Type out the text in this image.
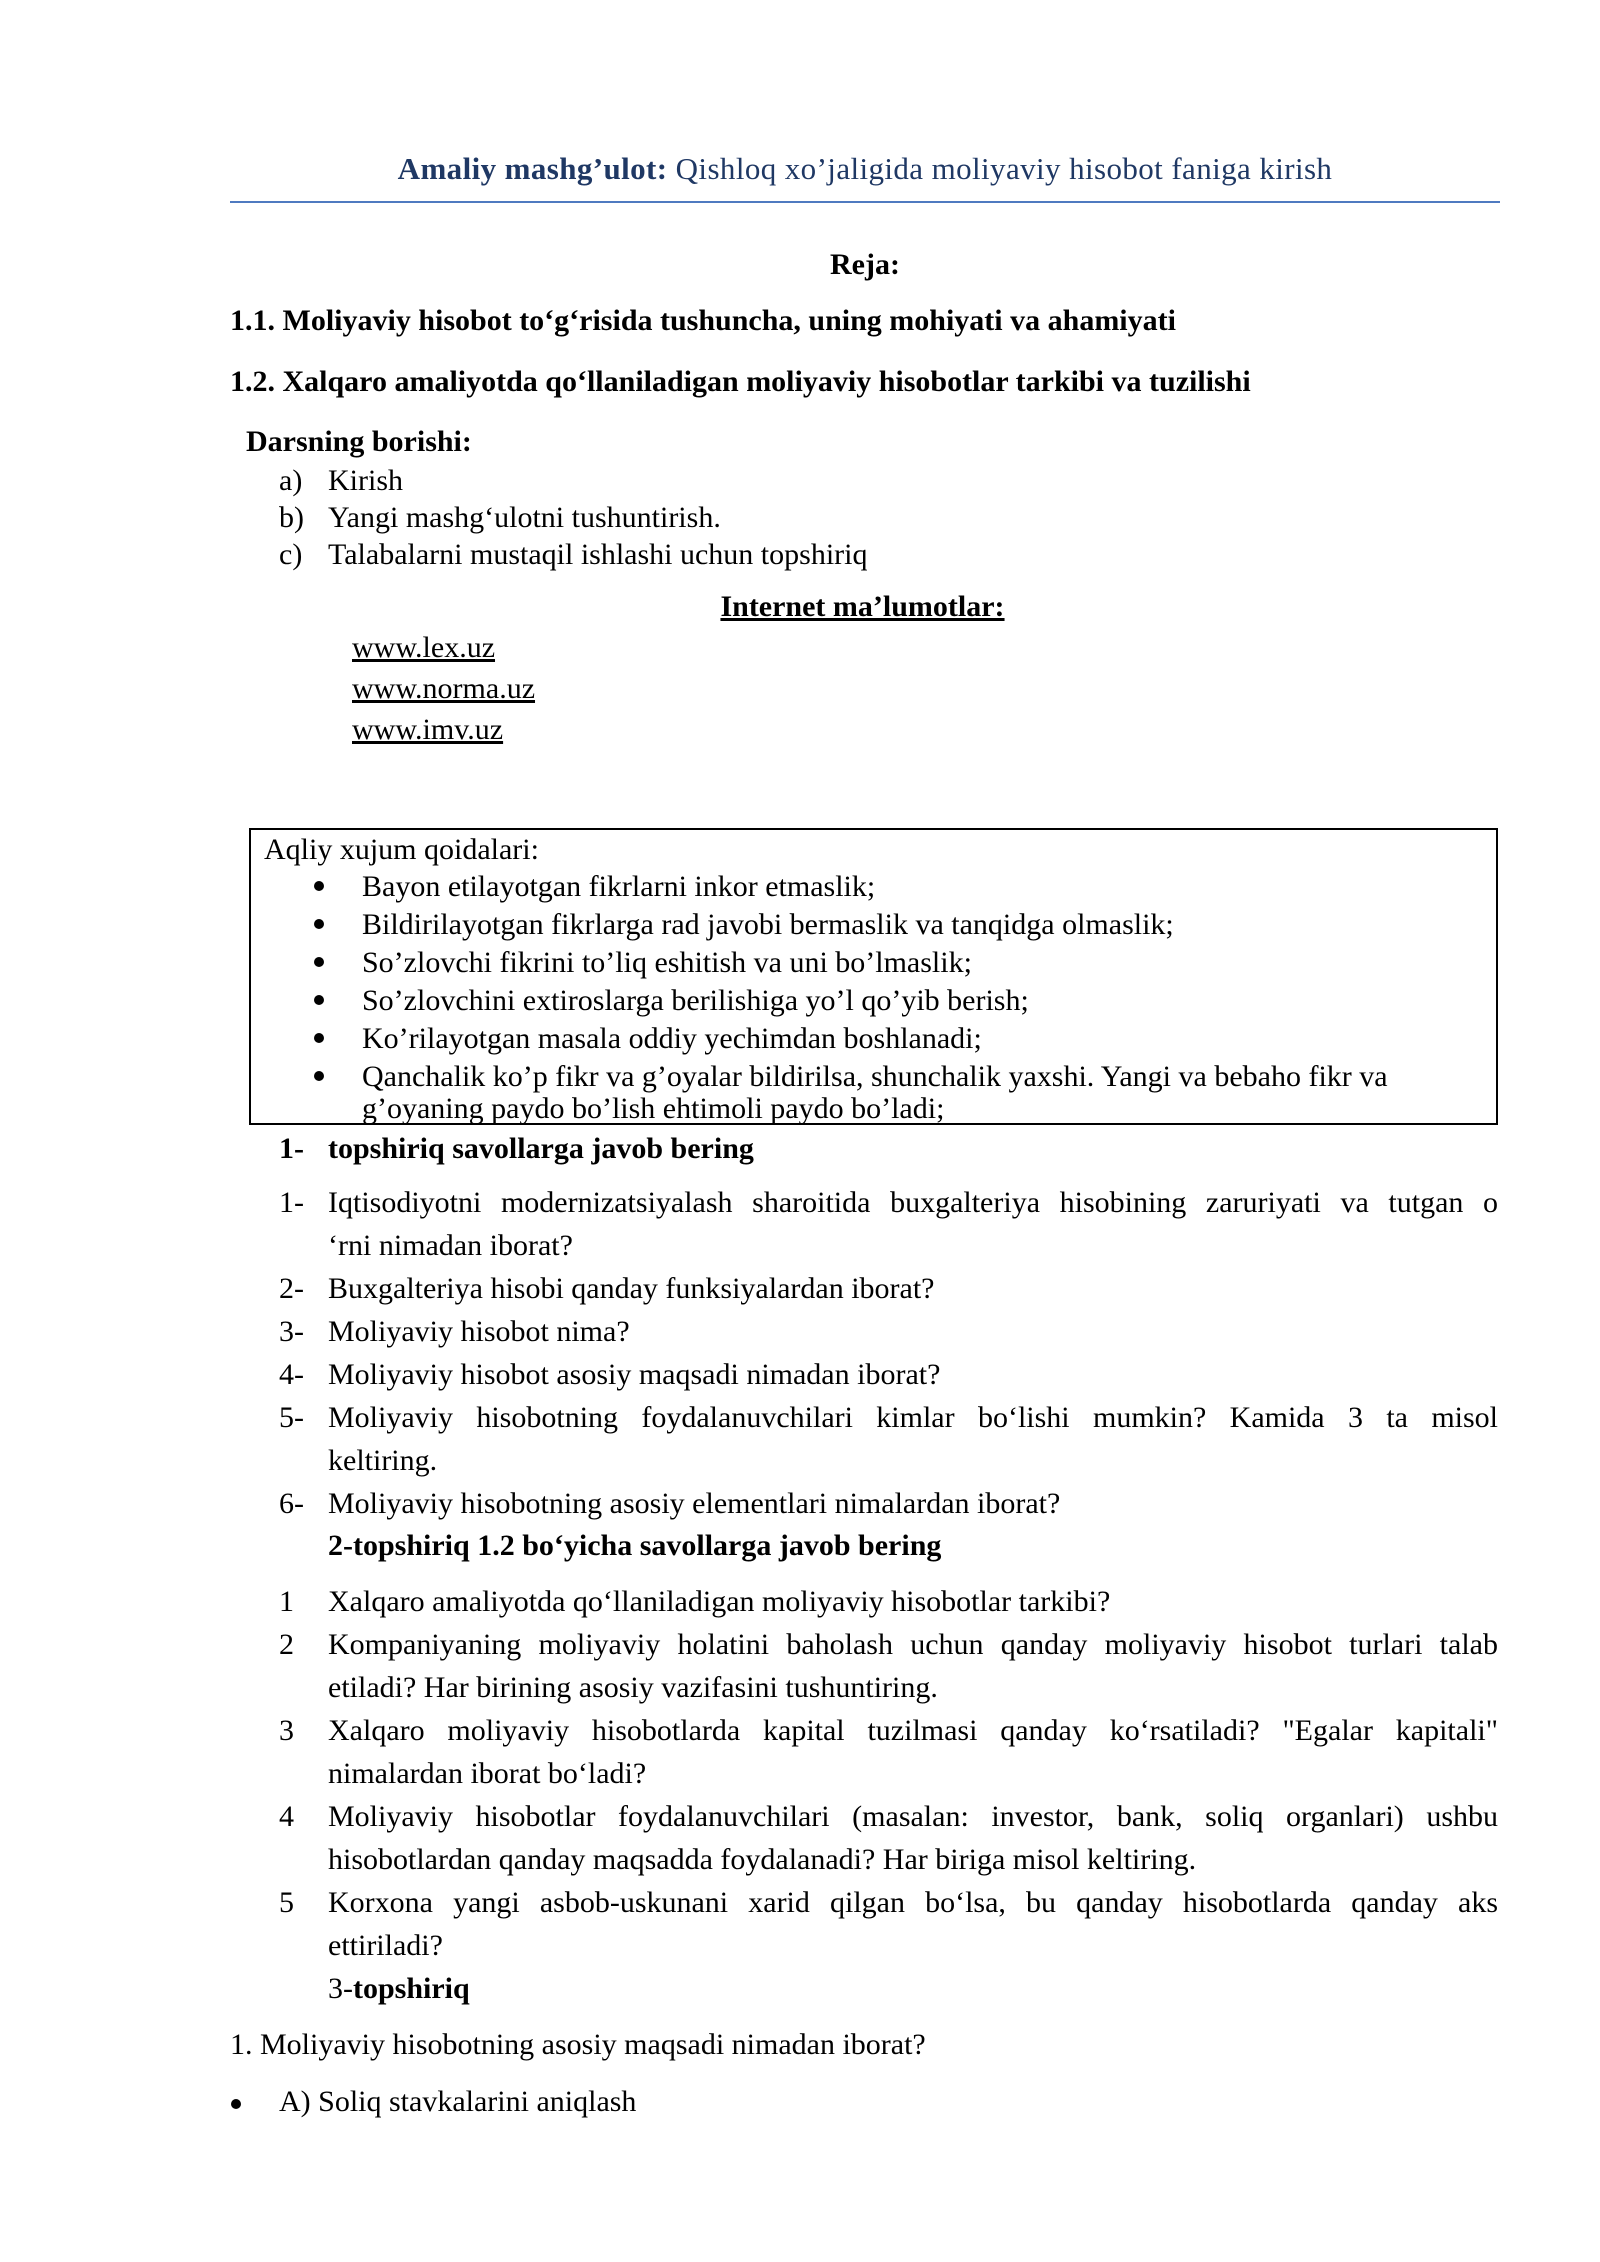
Amaliy mashg’ulot: Qishloq xo’jaligida moliyaviy hisobot faniga kirish
Reja:
1.1. Moliyaviy hisobot to‘g‘risida tushuncha, uning mohiyati va ahamiyati
1.2. Xalqaro amaliyotda qo‘llaniladigan moliyaviy hisobotlar tarkibi va tuzilishi
Darsning borishi:
a) Kirish
b) Yangi mashg‘ulotni tushuntirish.
c) Talabalarni mustaqil ishlashi uchun topshiriq
Internet ma’lumotlar:
www.lex.uz
www.norma.uz
www.imv.uz
Aqliy xujum qoidalari:
Bayon etilayotgan fikrlarni inkor etmaslik;
Bildirilayotgan fikrlarga rad javobi bermaslik va tanqidga olmaslik;
So’zlovchi fikrini to’liq eshitish va uni bo’lmaslik;
So’zlovchini extiroslarga berilishiga yo’l qo’yib berish;
Ko’rilayotgan masala oddiy yechimdan boshlanadi;
Qanchalik ko’p fikr va g’oyalar bildirilsa, shunchalik yaxshi. Yangi va bebaho fikr va
g’oyaning paydo bo’lish ehtimoli paydo bo’ladi;
1- topshiriq savollarga javob bering
1- Iqtisodiyotni modernizatsiyalash sharoitida buxgalteriya hisobining zaruriyati va tutgan o
‘rni nimadan iborat?
2- Buxgalteriya hisobi qanday funksiyalardan iborat?
3- Moliyaviy hisobot nima?
4- Moliyaviy hisobot asosiy maqsadi nimadan iborat?
5- Moliyaviy hisobotning foydalanuvchilari kimlar bo‘lishi mumkin? Kamida 3 ta misol
keltiring.
6- Moliyaviy hisobotning asosiy elementlari nimalardan iborat?
2-topshiriq 1.2 bo‘yicha savollarga javob bering
1 Xalqaro amaliyotda qo‘llaniladigan moliyaviy hisobotlar tarkibi?
2 Kompaniyaning moliyaviy holatini baholash uchun qanday moliyaviy hisobot turlari talab
etiladi? Har birining asosiy vazifasini tushuntiring.
3 Xalqaro moliyaviy hisobotlarda kapital tuzilmasi qanday ko‘rsatiladi? "Egalar kapitali"
nimalardan iborat bo‘ladi?
4 Moliyaviy hisobotlar foydalanuvchilari (masalan: investor, bank, soliq organlari) ushbu
hisobotlardan qanday maqsadda foydalanadi? Har biriga misol keltiring.
5 Korxona yangi asbob-uskunani xarid qilgan bo‘lsa, bu qanday hisobotlarda qanday aks
ettiriladi?
3-topshiriq
1. Moliyaviy hisobotning asosiy maqsadi nimadan iborat?
A) Soliq stavkalarini aniqlash
